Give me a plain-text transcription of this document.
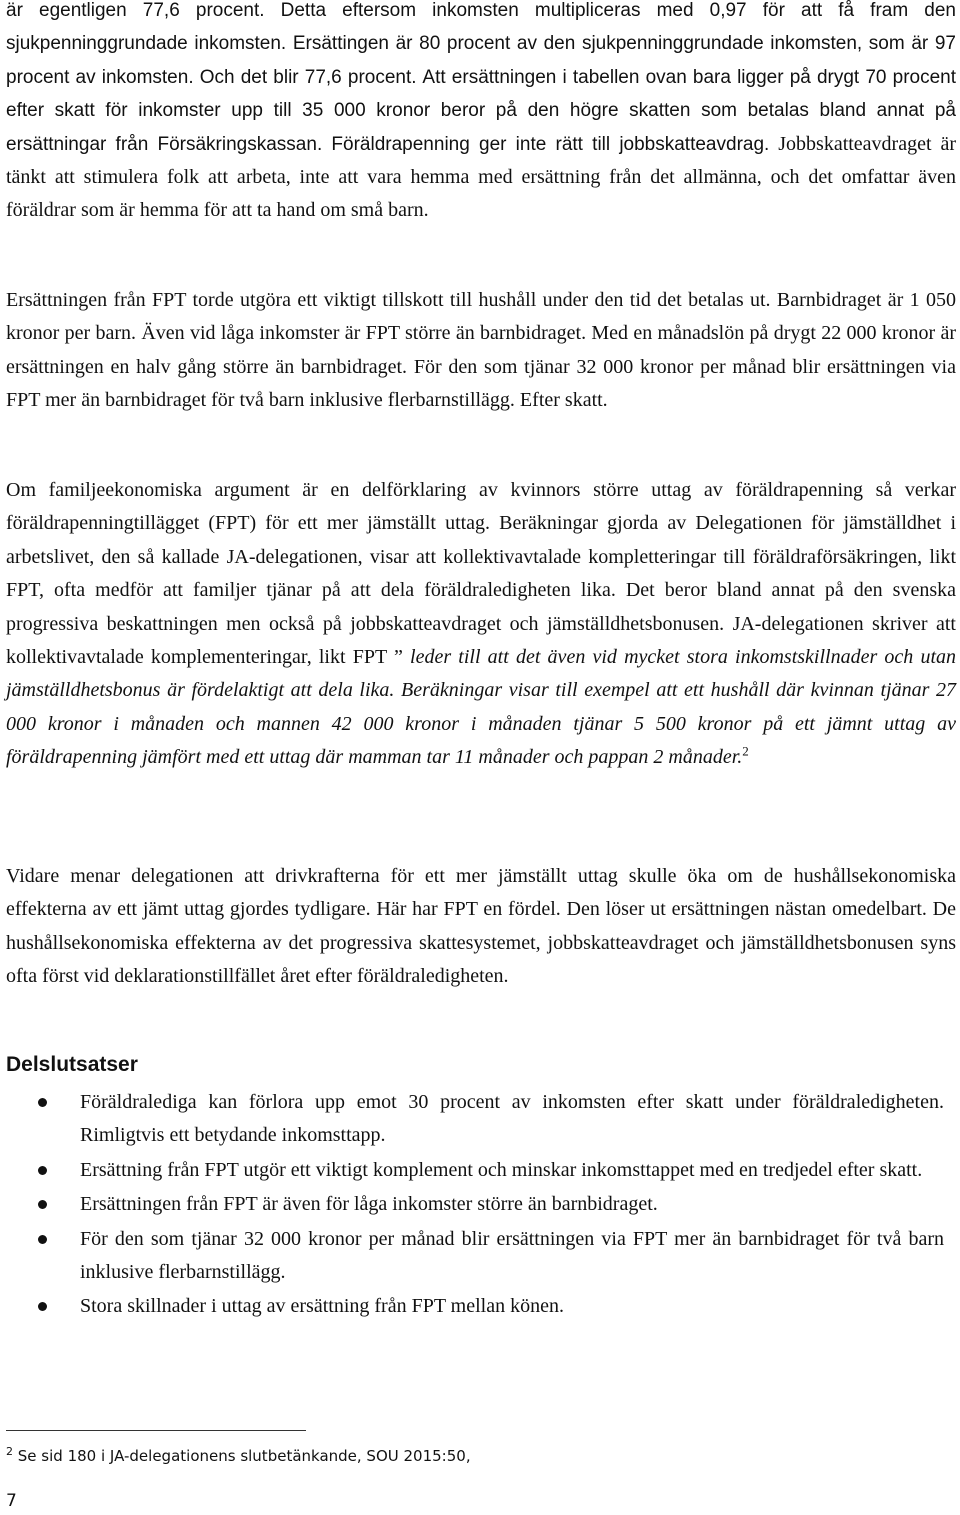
är egentligen 77,6 procent. Detta eftersom inkomsten multipliceras med 0,97 för att få fram den sjukpenninggrundade inkomsten. Ersättingen är 80 procent av den sjukpenninggrundade inkomsten, som är 97 procent av inkomsten. Och det blir 77,6 procent. Att ersättningen i tabellen ovan bara ligger på drygt 70 procent efter skatt för inkomster upp till 35 000 kronor beror på den högre skatten som betalas bland annat på ersättningar från Försäkringskassan. Föräldrapenning ger inte rätt till jobbskatteavdrag. Jobbskatteavdraget är tänkt att stimulera folk att arbeta, inte att vara hemma med ersättning från det allmänna, och det omfattar även föräldrar som är hemma för att ta hand om små barn.

Ersättningen från FPT torde utgöra ett viktigt tillskott till hushåll under den tid det betalas ut. Barnbidraget är 1 050 kronor per barn. Även vid låga inkomster är FPT större än barnbidraget. Med en månadslön på drygt 22 000 kronor är ersättningen en halv gång större än barnbidraget. För den som tjänar 32 000 kronor per månad blir ersättningen via FPT mer än barnbidraget för två barn inklusive flerbarnstillägg. Efter skatt.

Om familjeekonomiska argument är en delförklaring av kvinnors större uttag av föräldrapenning så verkar föräldrapenningtillägget (FPT) för ett mer jämställt uttag. Beräkningar gjorda av Delegationen för jämställdhet i arbetslivet, den så kallade JA-delegationen, visar att kollektivavtalade kompletteringar till föräldraförsäkringen, likt FPT, ofta medför att familjer tjänar på att dela föräldraledigheten lika. Det beror bland annat på den svenska progressiva beskattningen men också på jobbskatteavdraget och jämställdhetsbonusen. JA-delegationen skriver att kollektivavtalade komplementeringar, likt FPT ” leder till att det även vid mycket stora inkomstskillnader och utan jämställdhetsbonus är fördelaktigt att dela lika. Beräkningar visar till exempel att ett hushåll där kvinnan tjänar 27 000 kronor i månaden och mannen 42 000 kronor i månaden tjänar 5 500 kronor på ett jämnt uttag av föräldrapenning jämfört med ett uttag där mamman tar 11 månader och pappan 2 månader.$^2$

Vidare menar delegationen att drivkrafterna för ett mer jämställt uttag skulle öka om de hushållsekonomiska effekterna av ett jämt uttag gjordes tydligare. Här har FPT en fördel. Den löser ut ersättningen nästan omedelbart. De hushållsekonomiska effekterna av det progressiva skattesystemet, jobbskatteavdraget och jämställdhetsbonusen syns ofta först vid deklarationstillfället året efter föräldraledigheten.

Delslutsatser
Föräldralediga kan förlora upp emot 30 procent av inkomsten efter skatt under föräldraledigheten. Rimligtvis ett betydande inkomsttapp.
Ersättning från FPT utgör ett viktigt komplement och minskar inkomsttappet med en tredjedel efter skatt.
Ersättningen från FPT är även för låga inkomster större än barnbidraget.
För den som tjänar 32 000 kronor per månad blir ersättningen via FPT mer än barnbidraget för två barn inklusive flerbarnstillägg.
Stora skillnader i uttag av ersättning från FPT mellan könen.

$^2$ Se sid 180 i JA-delegationens slutbetänkande, SOU 2015:50,

7
